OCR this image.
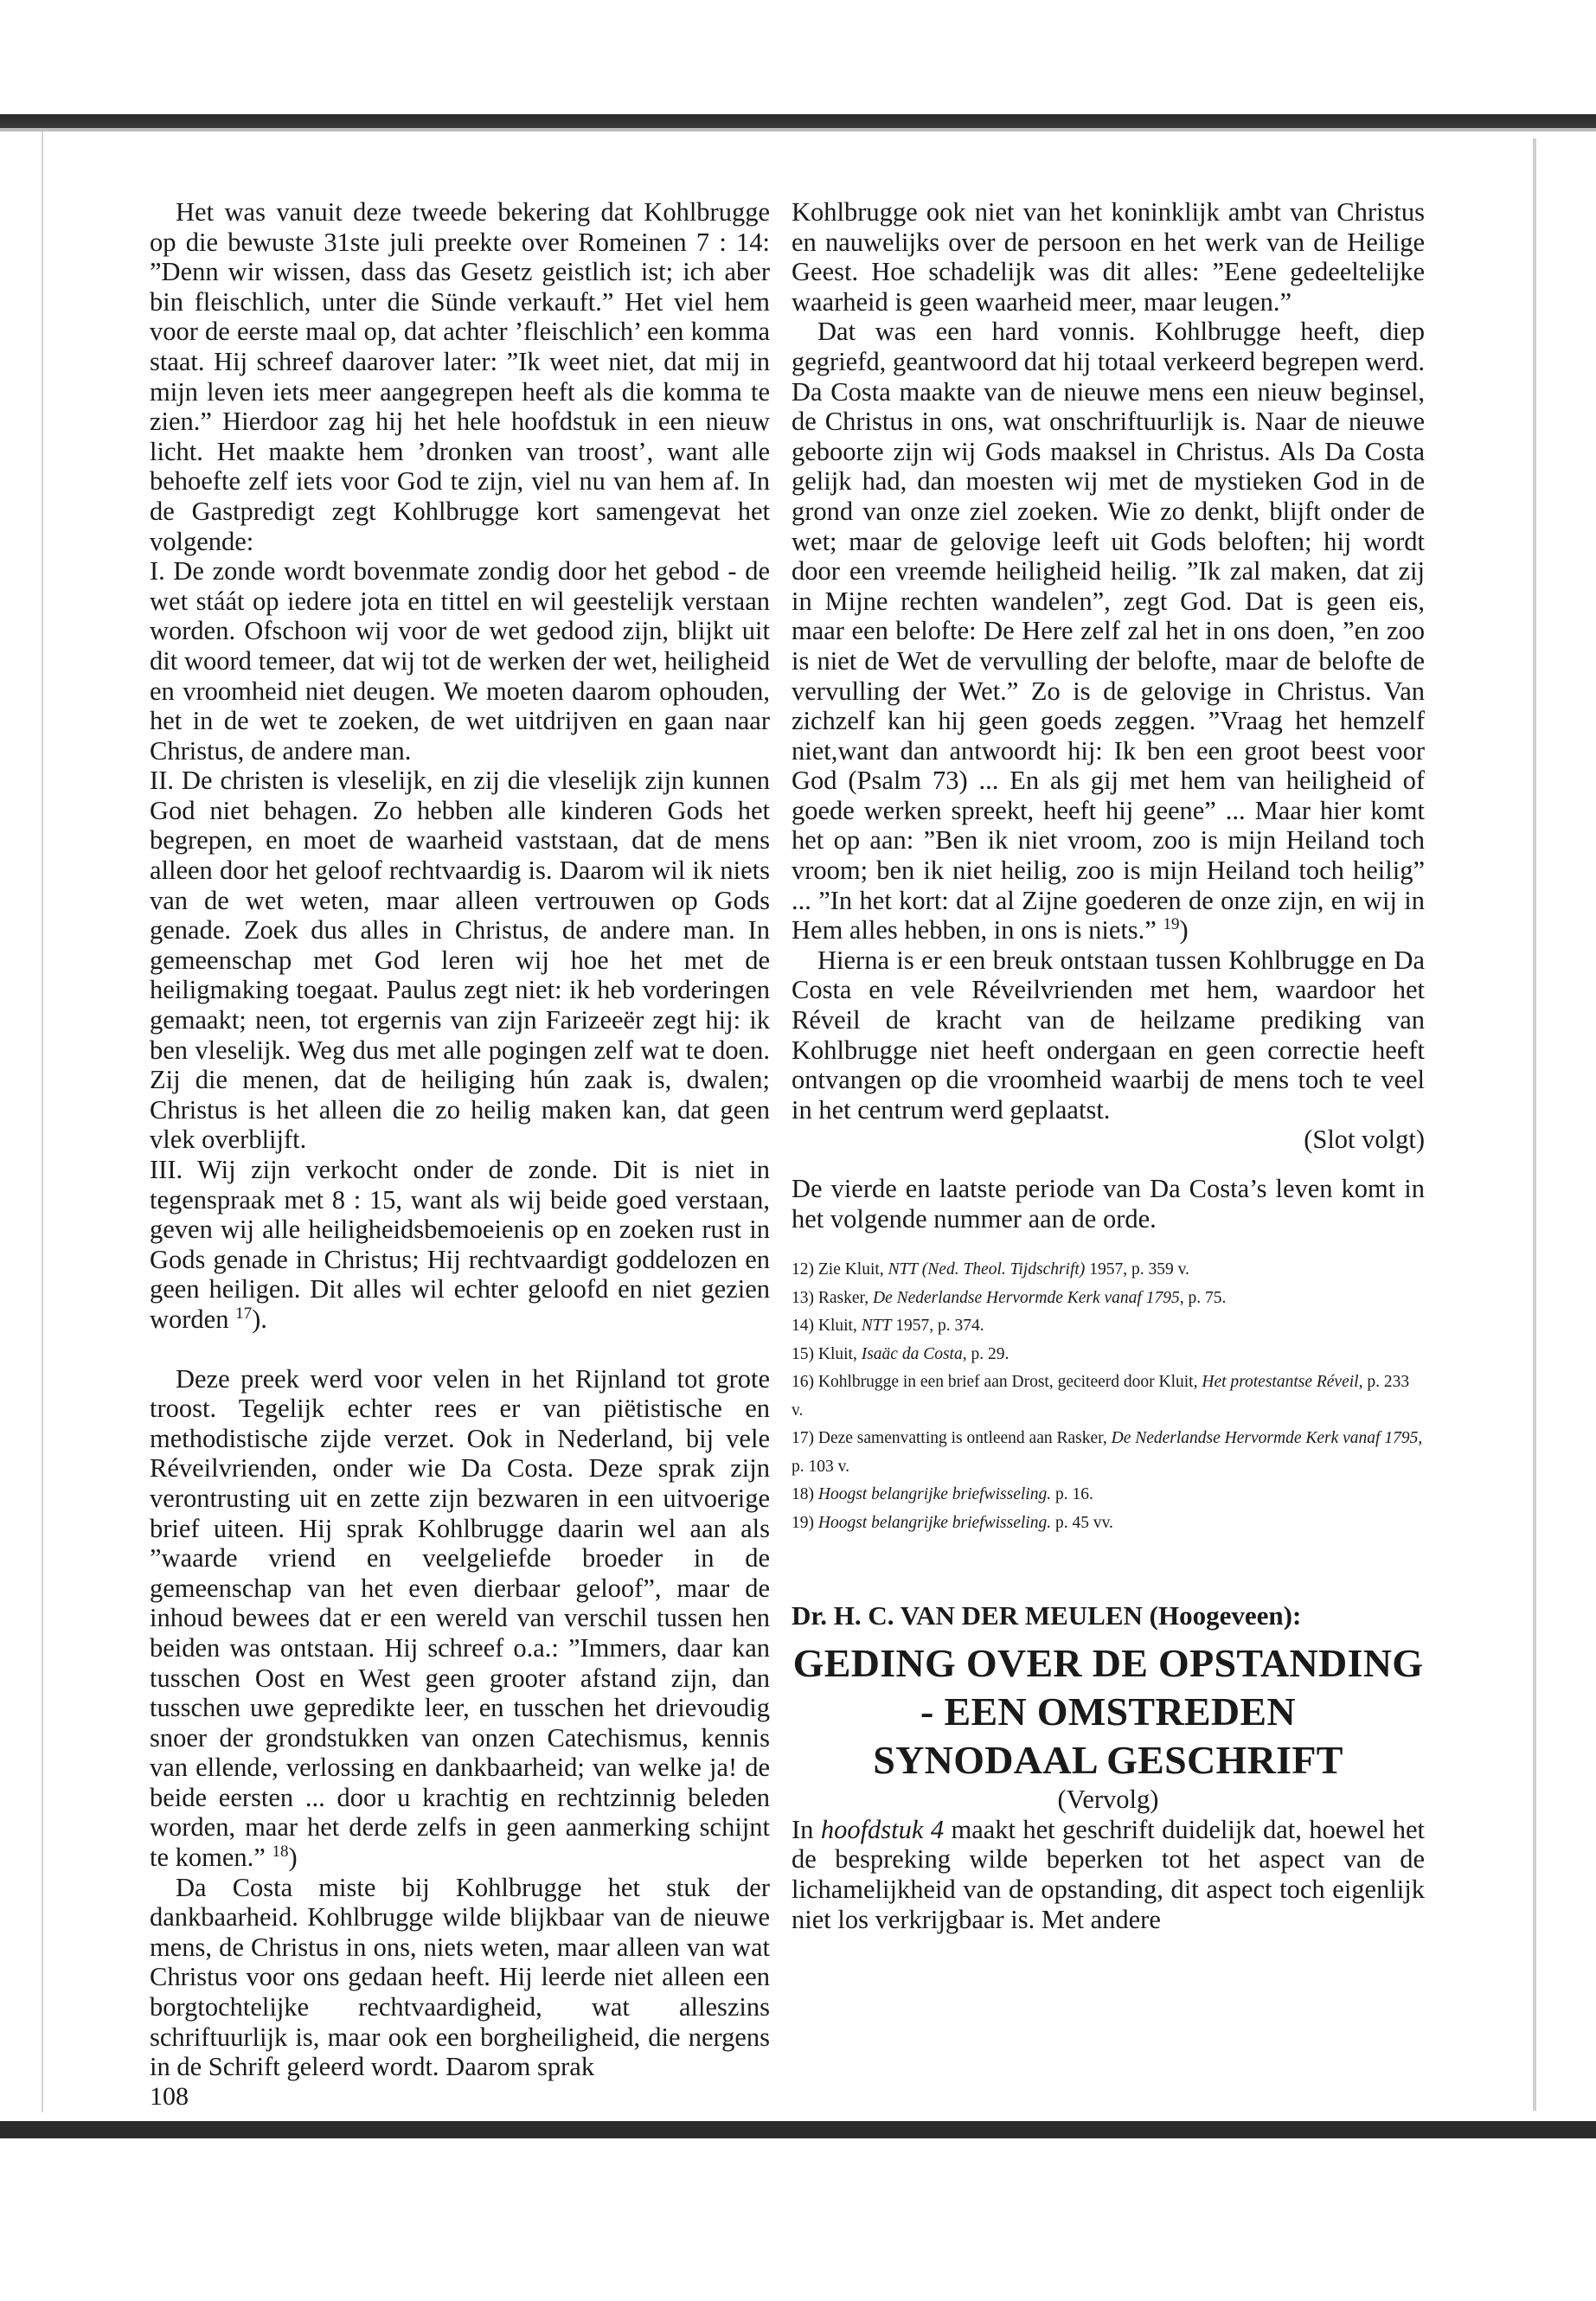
Het was vanuit deze tweede bekering dat Kohlbrugge op die bewuste 31ste juli preekte over Romeinen 7 : 14: ”Denn wir wissen, dass das Gesetz geistlich ist; ich aber bin fleischlich, unter die Sünde verkauft.” Het viel hem voor de eerste maal op, dat achter ’fleischlich’ een komma staat. Hij schreef daarover later: ”Ik weet niet, dat mij in mijn leven iets meer aangegrepen heeft als die komma te zien.” Hierdoor zag hij het hele hoofdstuk in een nieuw licht. Het maakte hem ’dronken van troost’, want alle behoefte zelf iets voor God te zijn, viel nu van hem af. In de Gastpredigt zegt Kohlbrugge kort samengevat het volgende:

I. De zonde wordt bovenmate zondig door het gebod - de wet stáát op iedere jota en tittel en wil geestelijk verstaan worden. Ofschoon wij voor de wet gedood zijn, blijkt uit dit woord temeer, dat wij tot de werken der wet, heiligheid en vroomheid niet deugen. We moeten daarom ophouden, het in de wet te zoeken, de wet uitdrijven en gaan naar Christus, de andere man.

II. De christen is vleselijk, en zij die vleselijk zijn kunnen God niet behagen. Zo hebben alle kinderen Gods het begrepen, en moet de waarheid vaststaan, dat de mens alleen door het geloof rechtvaardig is. Daarom wil ik niets van de wet weten, maar alleen vertrouwen op Gods genade. Zoek dus alles in Christus, de andere man. In gemeenschap met God leren wij hoe het met de heiligmaking toegaat. Paulus zegt niet: ik heb vorderingen gemaakt; neen, tot ergernis van zijn Farizeeër zegt hij: ik ben vleselijk. Weg dus met alle pogingen zelf wat te doen. Zij die menen, dat de heiliging hún zaak is, dwalen; Christus is het alleen die zo heilig maken kan, dat geen vlek overblijft.

III. Wij zijn verkocht onder de zonde. Dit is niet in tegenspraak met 8 : 15, want als wij beide goed verstaan, geven wij alle heiligheidsbemoeienis op en zoeken rust in Gods genade in Christus; Hij rechtvaardigt goddelozen en geen heiligen. Dit alles wil echter geloofd en niet gezien worden $^{17}$).

Deze preek werd voor velen in het Rijnland tot grote troost. Tegelijk echter rees er van piëtistische en methodistische zijde verzet. Ook in Nederland, bij vele Réveilvrienden, onder wie Da Costa. Deze sprak zijn verontrusting uit en zette zijn bezwaren in een uitvoerige brief uiteen. Hij sprak Kohlbrugge daarin wel aan als ”waarde vriend en veelgeliefde broeder in de gemeenschap van het even dierbaar geloof”, maar de inhoud bewees dat er een wereld van verschil tussen hen beiden was ontstaan. Hij schreef o.a.: ”Immers, daar kan tusschen Oost en West geen grooter afstand zijn, dan tusschen uwe gepredikte leer, en tusschen het drievoudig snoer der grondstukken van onzen Catechismus, kennis van ellende, verlossing en dankbaarheid; van welke ja! de beide eersten ... door u krachtig en rechtzinnig beleden worden, maar het derde zelfs in geen aanmerking schijnt te komen.” $^{18}$)

Da Costa miste bij Kohlbrugge het stuk der dankbaarheid. Kohlbrugge wilde blijkbaar van de nieuwe mens, de Christus in ons, niets weten, maar alleen van wat Christus voor ons gedaan heeft. Hij leerde niet alleen een borgtochtelijke rechtvaardigheid, wat alleszins schriftuurlijk is, maar ook een borgheiligheid, die nergens in de Schrift geleerd wordt. Daarom sprak

108

Kohlbrugge ook niet van het koninklijk ambt van Christus en nauwelijks over de persoon en het werk van de Heilige Geest. Hoe schadelijk was dit alles: ”Eene gedeeltelijke waarheid is geen waarheid meer, maar leugen.”

Dat was een hard vonnis. Kohlbrugge heeft, diep gegriefd, geantwoord dat hij totaal verkeerd begrepen werd. Da Costa maakte van de nieuwe mens een nieuw beginsel, de Christus in ons, wat onschriftuurlijk is. Naar de nieuwe geboorte zijn wij Gods maaksel in Christus. Als Da Costa gelijk had, dan moesten wij met de mystieken God in de grond van onze ziel zoeken. Wie zo denkt, blijft onder de wet; maar de gelovige leeft uit Gods beloften; hij wordt door een vreemde heiligheid heilig. ”Ik zal maken, dat zij in Mijne rechten wandelen”, zegt God. Dat is geen eis, maar een belofte: De Here zelf zal het in ons doen, ”en zoo is niet de Wet de vervulling der belofte, maar de belofte de vervulling der Wet.” Zo is de gelovige in Christus. Van zichzelf kan hij geen goeds zeggen. ”Vraag het hemzelf niet,want dan antwoordt hij: Ik ben een groot beest voor God (Psalm 73) ... En als gij met hem van heiligheid of goede werken spreekt, heeft hij geene” ... Maar hier komt het op aan: ”Ben ik niet vroom, zoo is mijn Heiland toch vroom; ben ik niet heilig, zoo is mijn Heiland toch heilig” ... ”In het kort: dat al Zijne goederen de onze zijn, en wij in Hem alles hebben, in ons is niets.” $^{19}$)

Hierna is er een breuk ontstaan tussen Kohlbrugge en Da Costa en vele Réveilvrienden met hem, waardoor het Réveil de kracht van de heilzame prediking van Kohlbrugge niet heeft ondergaan en geen correctie heeft ontvangen op die vroomheid waarbij de mens toch te veel in het centrum werd geplaatst.

(Slot volgt)

De vierde en laatste periode van Da Costa’s leven komt in het volgende nummer aan de orde.

12) Zie Kluit, NTT (Ned. Theol. Tijdschrift) 1957, p. 359 v.
13) Rasker, De Nederlandse Hervormde Kerk vanaf 1795, p. 75.
14) Kluit, NTT 1957, p. 374.
15) Kluit, Isaäc da Costa, p. 29.
16) Kohlbrugge in een brief aan Drost, geciteerd door Kluit, Het protestantse Réveil, p. 233 v.
17) Deze samenvatting is ontleend aan Rasker, De Nederlandse Hervormde Kerk vanaf 1795, p. 103 v.
18) Hoogst belangrijke briefwisseling. p. 16.
19) Hoogst belangrijke briefwisseling. p. 45 vv.
Dr. H. C. VAN DER MEULEN (Hoogeveen):
GEDING OVER DE OPSTANDING
- EEN OMSTREDEN
SYNODAAL GESCHRIFT

(Vervolg)

In hoofdstuk 4 maakt het geschrift duidelijk dat, hoewel het de bespreking wilde beperken tot het aspect van de lichamelijkheid van de opstanding, dit aspect toch eigenlijk niet los verkrijgbaar is. Met andere
